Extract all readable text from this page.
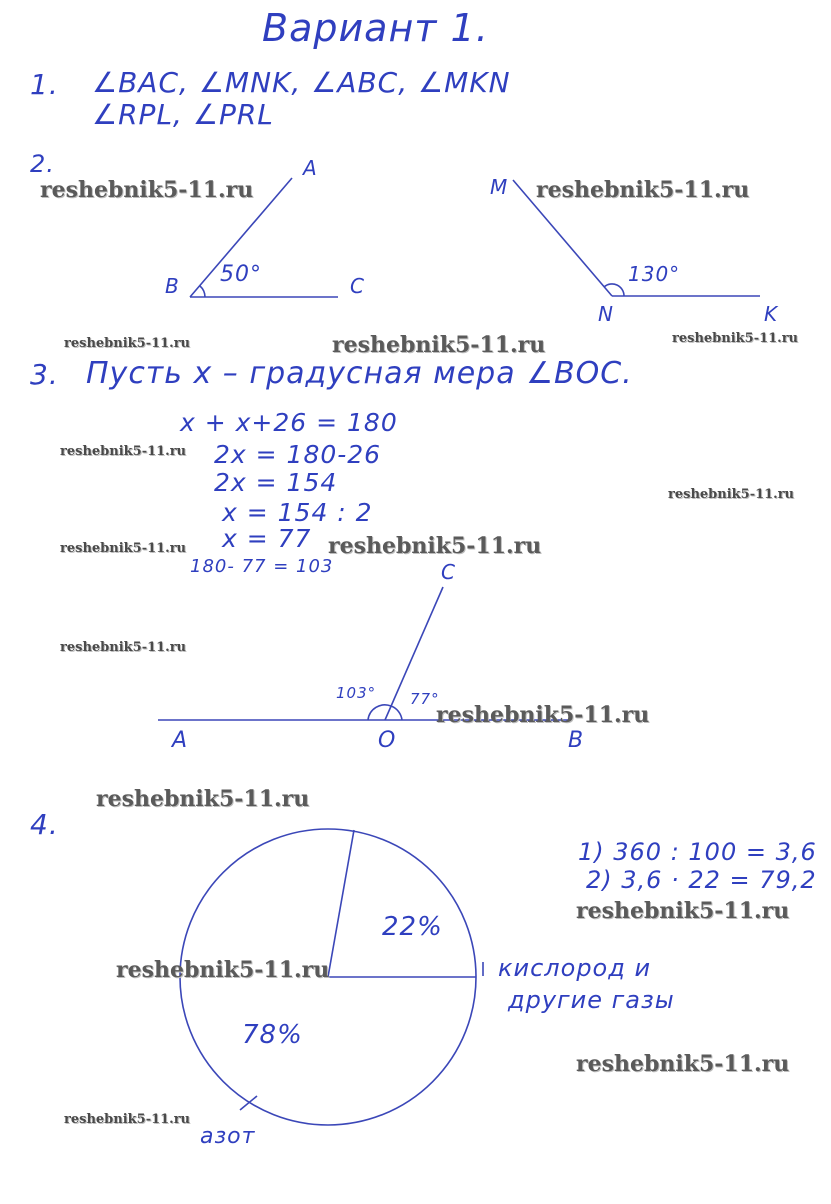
Вариант 1.
1. ∠BAC, ∠MNK, ∠ABC, ∠MKN
∠RPL, ∠PRL
2.	A
B	C
50°
M
N	K
130°
3. Пусть x – градусная мера ∠BOC.
x + x+26 = 180
2x = 180-26
2x = 154
x = 154 : 2
x = 77
180- 77 = 103	C
A	O	B
103° 77°
4.
1) 360 : 100 = 3,6
2) 3,6 · 22 = 79,2
22%
78%
кислород и
другие газы
азот
reshebnik5-11.ru	reshebnik5-11.ru
reshebnik5-11.ru	reshebnik5-11.ru	reshebnik5-11.ru
reshebnik5-11.ru
reshebnik5-11.ru
reshebnik5-11.ru	reshebnik5-11.ru
reshebnik5-11.ru
reshebnik5-11.ru
reshebnik5-11.ru
reshebnik5-11.ru
reshebnik5-11.ru
reshebnik5-11.ru
reshebnik5-11.ru
